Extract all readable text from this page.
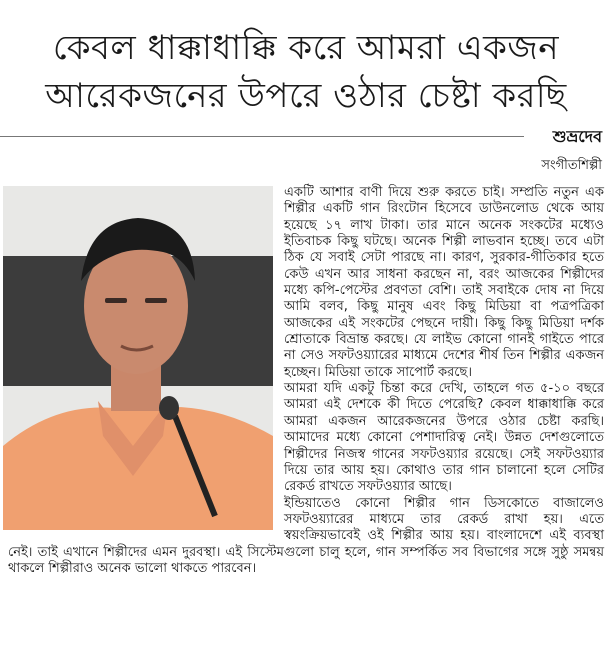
কেবল ধাক্কাধাক্কি করে আমরা একজন
আরেকজনের উপরে ওঠার চেষ্টা করছি
শুভ্রদেব
সংগীতশিল্পী

একটি আশার বাণী দিয়ে শুরু করতে চাই। সম্প্রতি নতুন এক শিল্পীর একটি গান রিংটোন হিসেবে ডাউনলোড থেকে আয় হয়েছে ১৭ লাখ টাকা। তার মানে অনেক সংকটের মধ্যেও ইতিবাচক কিছু ঘটছে। অনেক শিল্পী লাভবান হচ্ছে। তবে এটা ঠিক যে সবাই সেটা পারছে না। কারণ, সুরকার-গীতিকার হতে কেউ এখন আর সাধনা করছেন না, বরং আজকের শিল্পীদের মধ্যে কপি-পেস্টের প্রবণতা বেশি। তাই সবাইকে দোষ না দিয়ে আমি বলব, কিছু মানুষ এবং কিছু মিডিয়া বা পত্রপত্রিকা আজকের এই সংকটের পেছনে দায়ী। কিছু কিছু মিডিয়া দর্শক শ্রোতাকে বিভ্রান্ত করছে। যে লাইভ কোনো গানই গাইতে পারে না সেও সফটওয়্যারের মাধ্যমে দেশের শীর্ষ তিন শিল্পীর একজন হচ্ছেন। মিডিয়া তাকে সাপোর্ট করছে।

আমরা যদি একটু চিন্তা করে দেখি, তাহলে গত ৫-১০ বছরে আমরা এই দেশকে কী দিতে পেরেছি? কেবল ধাক্কাধাক্কি করে আমরা একজন আরেকজনের উপরে ওঠার চেষ্টা করছি। আমাদের মধ্যে কোনো পেশাদারিত্ব নেই। উন্নত দেশগুলোতে শিল্পীদের নিজস্ব গানের সফটওয়্যার রয়েছে। সেই সফটওয়্যার দিয়ে তার আয় হয়। কোথাও তার গান চালানো হলে সেটির রেকর্ড রাখতে সফটওয়্যার আছে।

ইন্ডিয়াতেও কোনো শিল্পীর গান ডিসকোতে বাজালেও সফটওয়্যারের মাধ্যমে তার রেকর্ড রাখা হয়। এতে স্বয়ংক্রিয়ভাবেই ওই শিল্পীর আয় হয়। বাংলাদেশে এই ব্যবস্থা নেই। তাই এখানে শিল্পীদের এমন দুরবস্থা। এই সিস্টেমগুলো চালু হলে, গান সম্পর্কিত সব বিভাগের সঙ্গে সুষ্ঠু সমন্বয় থাকলে শিল্পীরাও অনেক ভালো থাকতে পারবেন।
